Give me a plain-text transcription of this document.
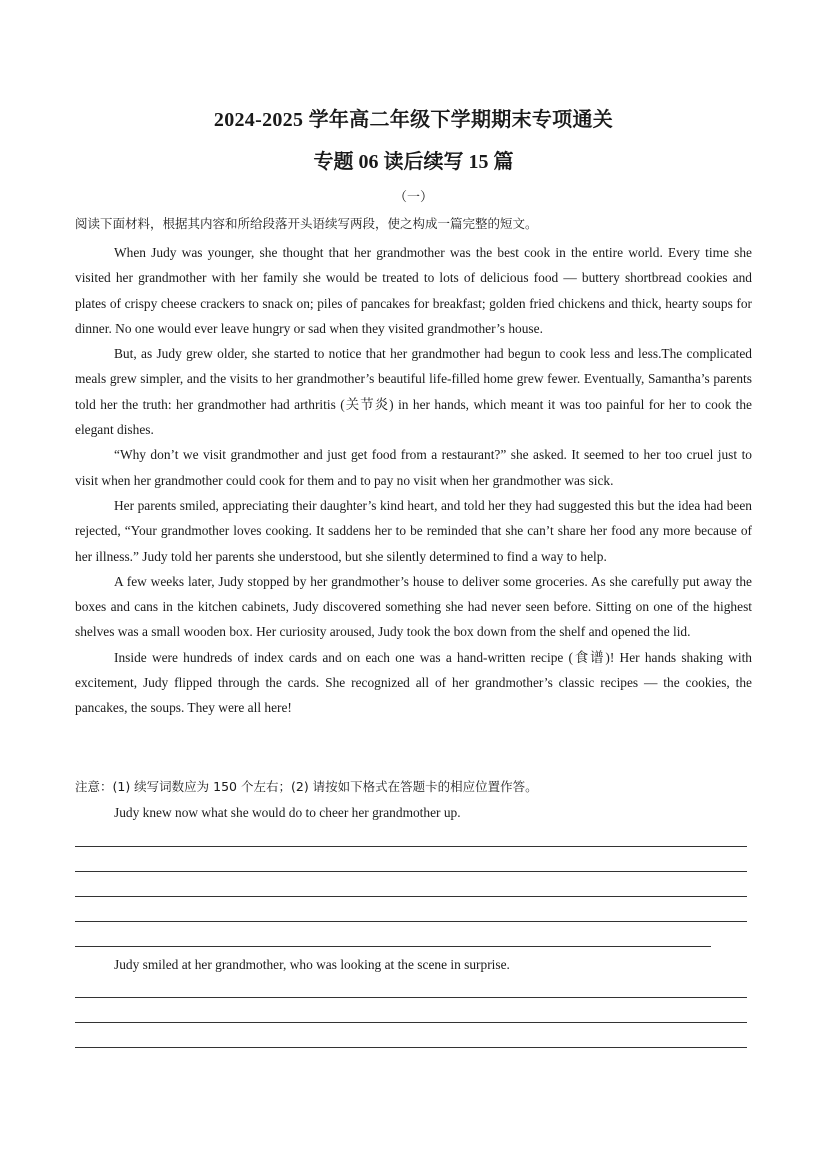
2024-2025 学年高二年级下学期期末专项通关
专题 06 读后续写 15 篇
（一）
阅读下面材料，根据其内容和所给段落开头语续写两段，使之构成一篇完整的短文。

When Judy was younger, she thought that her grandmother was the best cook in the entire world. Every time she visited her grandmother with her family she would be treated to lots of delicious food — buttery shortbread cookies and plates of crispy cheese crackers to snack on; piles of pancakes for breakfast; golden fried chickens and thick, hearty soups for dinner. No one would ever leave hungry or sad when they visited grandmother’s house.

But, as Judy grew older, she started to notice that her grandmother had begun to cook less and less.The complicated meals grew simpler, and the visits to her grandmother’s beautiful life-filled home grew fewer. Eventually, Samantha’s parents told her the truth: her grandmother had arthritis (关节炎) in her hands, which meant it was too painful for her to cook the elegant dishes.

“Why don’t we visit grandmother and just get food from a restaurant?” she asked. It seemed to her too cruel just to visit when her grandmother could cook for them and to pay no visit when her grandmother was sick.

Her parents smiled, appreciating their daughter’s kind heart, and told her they had suggested this but the idea had been rejected, “Your grandmother loves cooking. It saddens her to be reminded that she can’t share her food any more because of her illness.” Judy told her parents she understood, but she silently determined to find a way to help.

A few weeks later, Judy stopped by her grandmother’s house to deliver some groceries. As she carefully put away the boxes and cans in the kitchen cabinets, Judy discovered something she had never seen before. Sitting on one of the highest shelves was a small wooden box. Her curiosity aroused, Judy took the box down from the shelf and opened the lid.

Inside were hundreds of index cards and on each one was a hand-written recipe (食谱)! Her hands shaking with excitement, Judy flipped through the cards. She recognized all of her grandmother’s classic recipes — the cookies, the pancakes, the soups. They were all here!

注意：(1) 续写词数应为 150 个左右；(2) 请按如下格式在答题卡的相应位置作答。
Judy knew now what she would do to cheer her grandmother up.
Judy smiled at her grandmother, who was looking at the scene in surprise.
